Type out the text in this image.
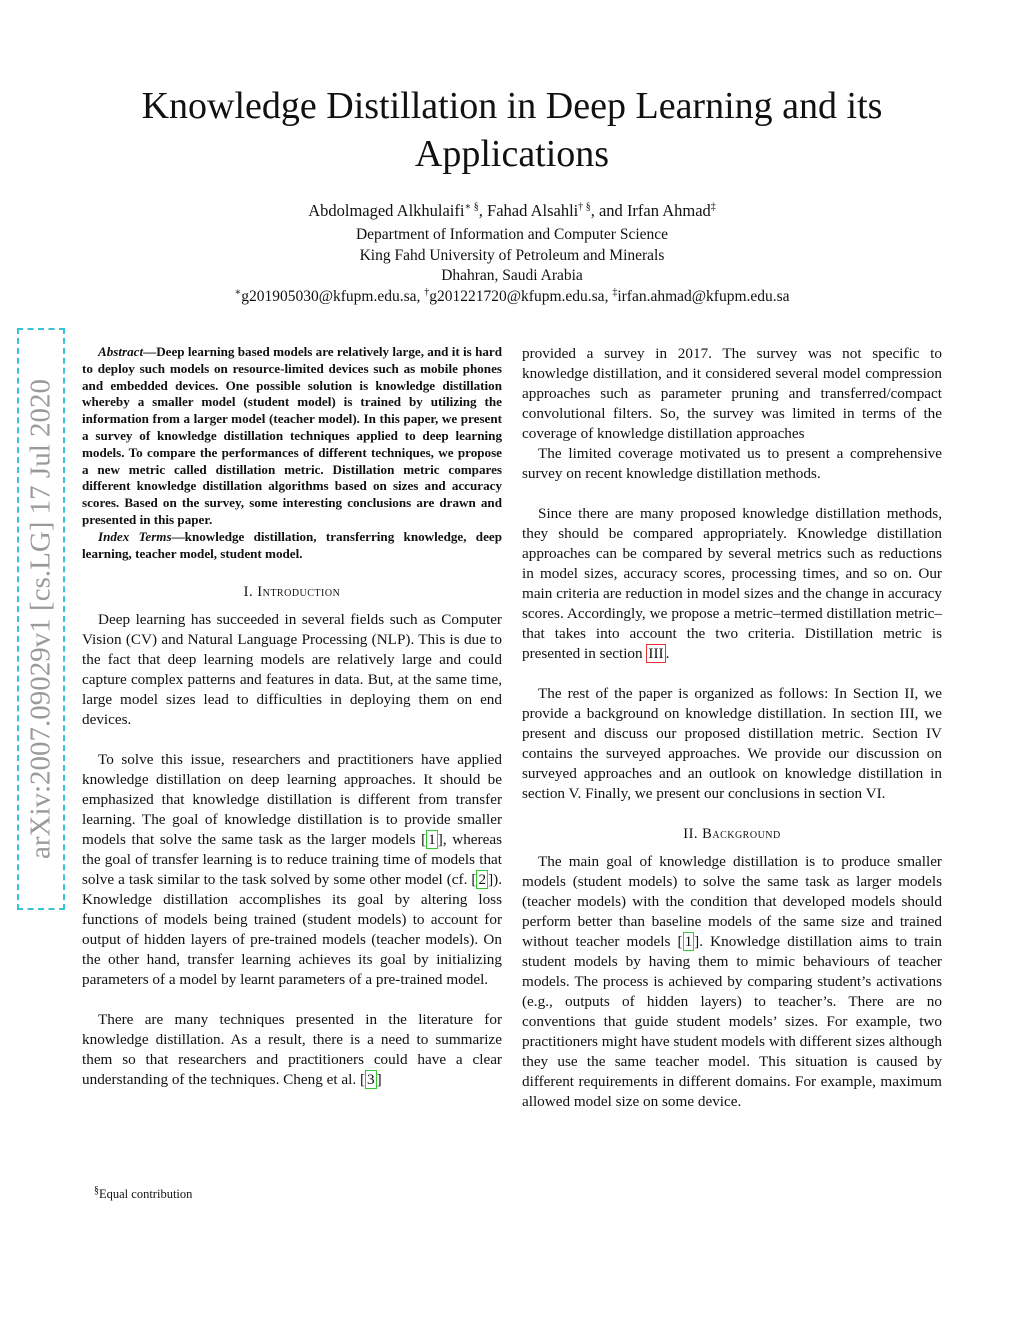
Knowledge Distillation in Deep Learning and its Applications
Abdolmaged Alkhulaifi∗ §, Fahad Alsahli† §, and Irfan Ahmad‡
Department of Information and Computer Science
King Fahd University of Petroleum and Minerals
Dhahran, Saudi Arabia
∗g201905030@kfupm.edu.sa, †g201221720@kfupm.edu.sa, ‡irfan.ahmad@kfupm.edu.sa
arXiv:2007.09029v1 [cs.LG] 17 Jul 2020

Abstract—Deep learning based models are relatively large, and it is hard to deploy such models on resource-limited devices such as mobile phones and embedded devices. One possible solution is knowledge distillation whereby a smaller model (student model) is trained by utilizing the information from a larger model (teacher model). In this paper, we present a survey of knowledge distillation techniques applied to deep learning models. To compare the performances of different techniques, we propose a new metric called distillation metric. Distillation metric compares different knowledge distillation algorithms based on sizes and accuracy scores. Based on the survey, some interesting conclusions are drawn and presented in this paper.

Index Terms—knowledge distillation, transferring knowledge, deep learning, teacher model, student model.

I. Introduction

Deep learning has succeeded in several fields such as Computer Vision (CV) and Natural Language Processing (NLP). This is due to the fact that deep learning models are relatively large and could capture complex patterns and features in data. But, at the same time, large model sizes lead to difficulties in deploying them on end devices.

To solve this issue, researchers and practitioners have applied knowledge distillation on deep learning approaches. It should be emphasized that knowledge distillation is different from transfer learning. The goal of knowledge distillation is to provide smaller models that solve the same task as the larger models [ 1 ], whereas the goal of transfer learning is to reduce training time of models that solve a task similar to the task solved by some other model (cf. [ 2 ]). Knowledge distillation accomplishes its goal by altering loss functions of models being trained (student models) to account for output of hidden layers of pre-trained models (teacher models). On the other hand, transfer learning achieves its goal by initializing parameters of a model by learnt parameters of a pre-trained model.

There are many techniques presented in the literature for knowledge distillation. As a result, there is a need to summarize them so that researchers and practitioners could have a clear understanding of the techniques. Cheng et al. [ 3 ]

provided a survey in 2017. The survey was not specific to knowledge distillation, and it considered several model compression approaches such as parameter pruning and transferred/compact convolutional filters. So, the survey was limited in terms of the coverage of knowledge distillation approaches

The limited coverage motivated us to present a comprehensive survey on recent knowledge distillation methods.

Since there are many proposed knowledge distillation methods, they should be compared appropriately. Knowledge distillation approaches can be compared by several metrics such as reductions in model sizes, accuracy scores, processing times, and so on. Our main criteria are reduction in model sizes and the change in accuracy scores. Accordingly, we propose a metric–termed distillation metric–that takes into account the two criteria. Distillation metric is presented in section III .

The rest of the paper is organized as follows: In Section II, we provide a background on knowledge distillation. In section III, we present and discuss our proposed distillation metric. Section IV contains the surveyed approaches. We provide our discussion on surveyed approaches and an outlook on knowledge distillation in section V. Finally, we present our conclusions in section VI.

II. Background

The main goal of knowledge distillation is to produce smaller models (student models) to solve the same task as larger models (teacher models) with the condition that developed models should perform better than baseline models of the same size and trained without teacher models [ 1 ]. Knowledge distillation aims to train student models by having them to mimic behaviours of teacher models. The process is achieved by comparing student’s activations (e.g., outputs of hidden layers) to teacher’s. There are no conventions that guide student models’ sizes. For example, two practitioners might have student models with different sizes although they use the same teacher model. This situation is caused by different requirements in different domains. For example, maximum allowed model size on some device.

§Equal contribution
